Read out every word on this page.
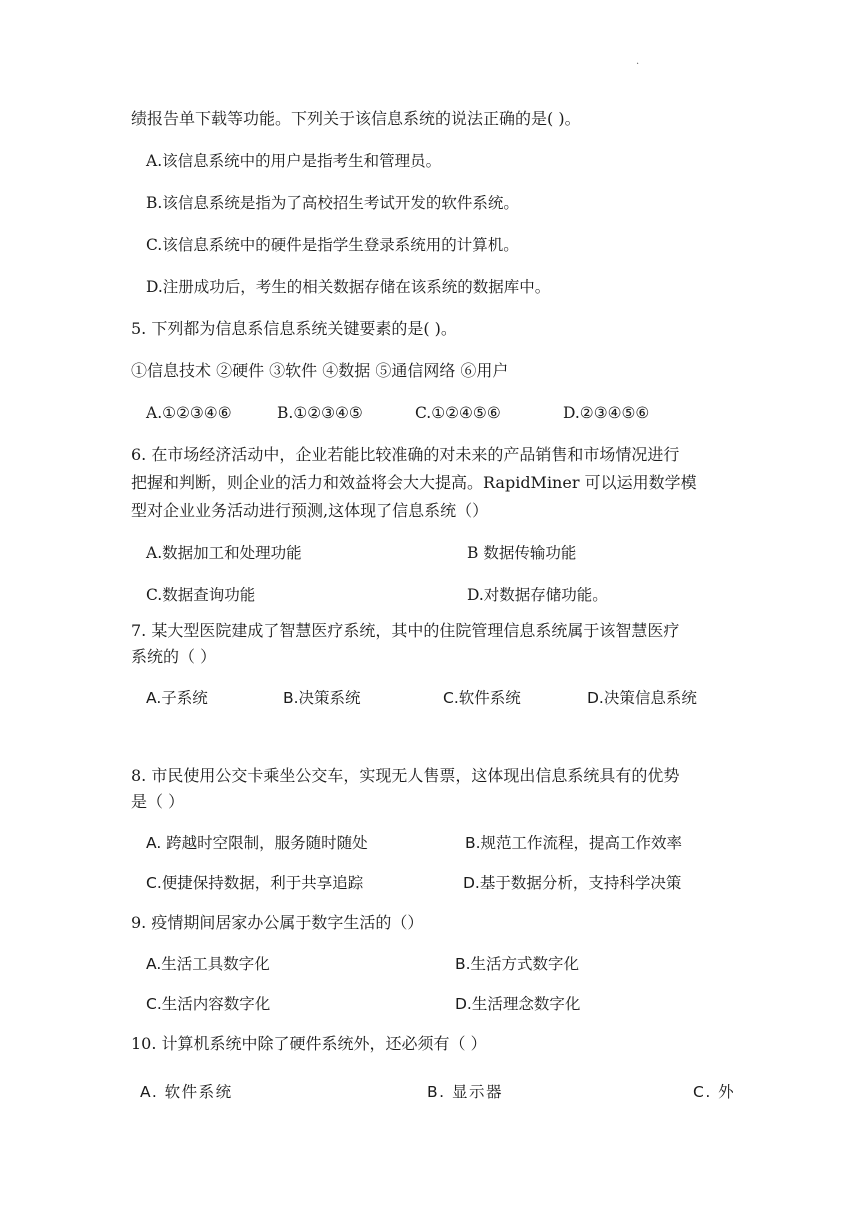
.
绩报告单下载等功能。下列关于该信息系统的说法正确的是( )。
A.该信息系统中的用户是指考生和管理员。
B.该信息系统是指为了高校招生考试开发的软件系统。
C.该信息系统中的硬件是指学生登录系统用的计算机。
D.注册成功后，考生的相关数据存储在该系统的数据库中。
5. 下列都为信息系信息系统关键要素的是( )。
①信息技术 ②硬件 ③软件 ④数据 ⑤通信网络 ⑥用户
A.①②③④⑥	B.①②③④⑤	C.①②④⑤⑥	D.②③④⑤⑥
6. 在市场经济活动中，企业若能比较准确的对未来的产品销售和市场情况进行
把握和判断，则企业的活力和效益将会大大提高。RapidMiner 可以运用数学模
型对企业业务活动进行预测,这体现了信息系统（）
A.数据加工和处理功能	B 数据传输功能
C.数据查询功能	D.对数据存储功能。
7. 某大型医院建成了智慧医疗系统，其中的住院管理信息系统属于该智慧医疗
系统的（ ）
A.子系统	B.决策系统	C.软件系统	D.决策信息系统
8. 市民使用公交卡乘坐公交车，实现无人售票，这体现出信息系统具有的优势
是（ ）
A. 跨越时空限制，服务随时随处	B.规范工作流程，提高工作效率
C.便捷保持数据，利于共享追踪	D.基于数据分析，支持科学决策
9. 疫情期间居家办公属于数字生活的（）
A.生活工具数字化	B.生活方式数字化
C.生活内容数字化	D.生活理念数字化
10. 计算机系统中除了硬件系统外，还必须有（ ）
A. 软件系统	B. 显示器	C. 外
